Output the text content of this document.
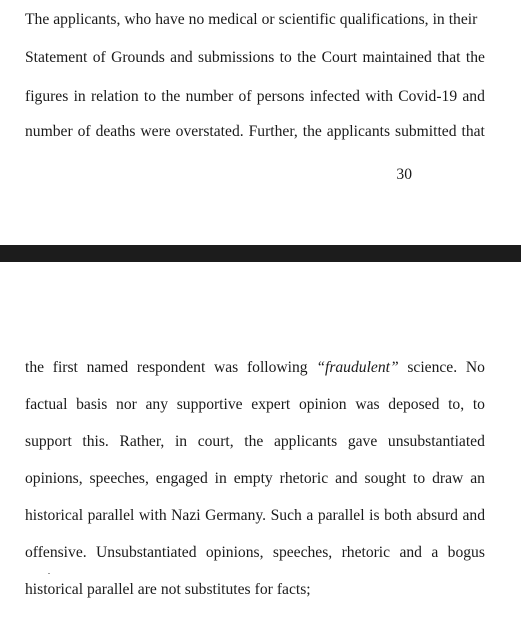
The applicants, who have no medical or scientific qualifications, in their
Statement of Grounds and submissions to the Court maintained that the
figures in relation to the number of persons infected with Covid-19 and
number of deaths were overstated. Further, the applicants submitted that
30
the first named respondent was following “fraudulent” science. No
factual basis nor any supportive expert opinion was deposed to, to
support this. Rather, in court, the applicants gave unsubstantiated
opinions, speeches, engaged in empty rhetoric and sought to draw an
historical parallel with Nazi Germany. Such a parallel is both absurd and
offensive. Unsubstantiated opinions, speeches, rhetoric and a bogus
historical parallel are not substitutes for facts;
